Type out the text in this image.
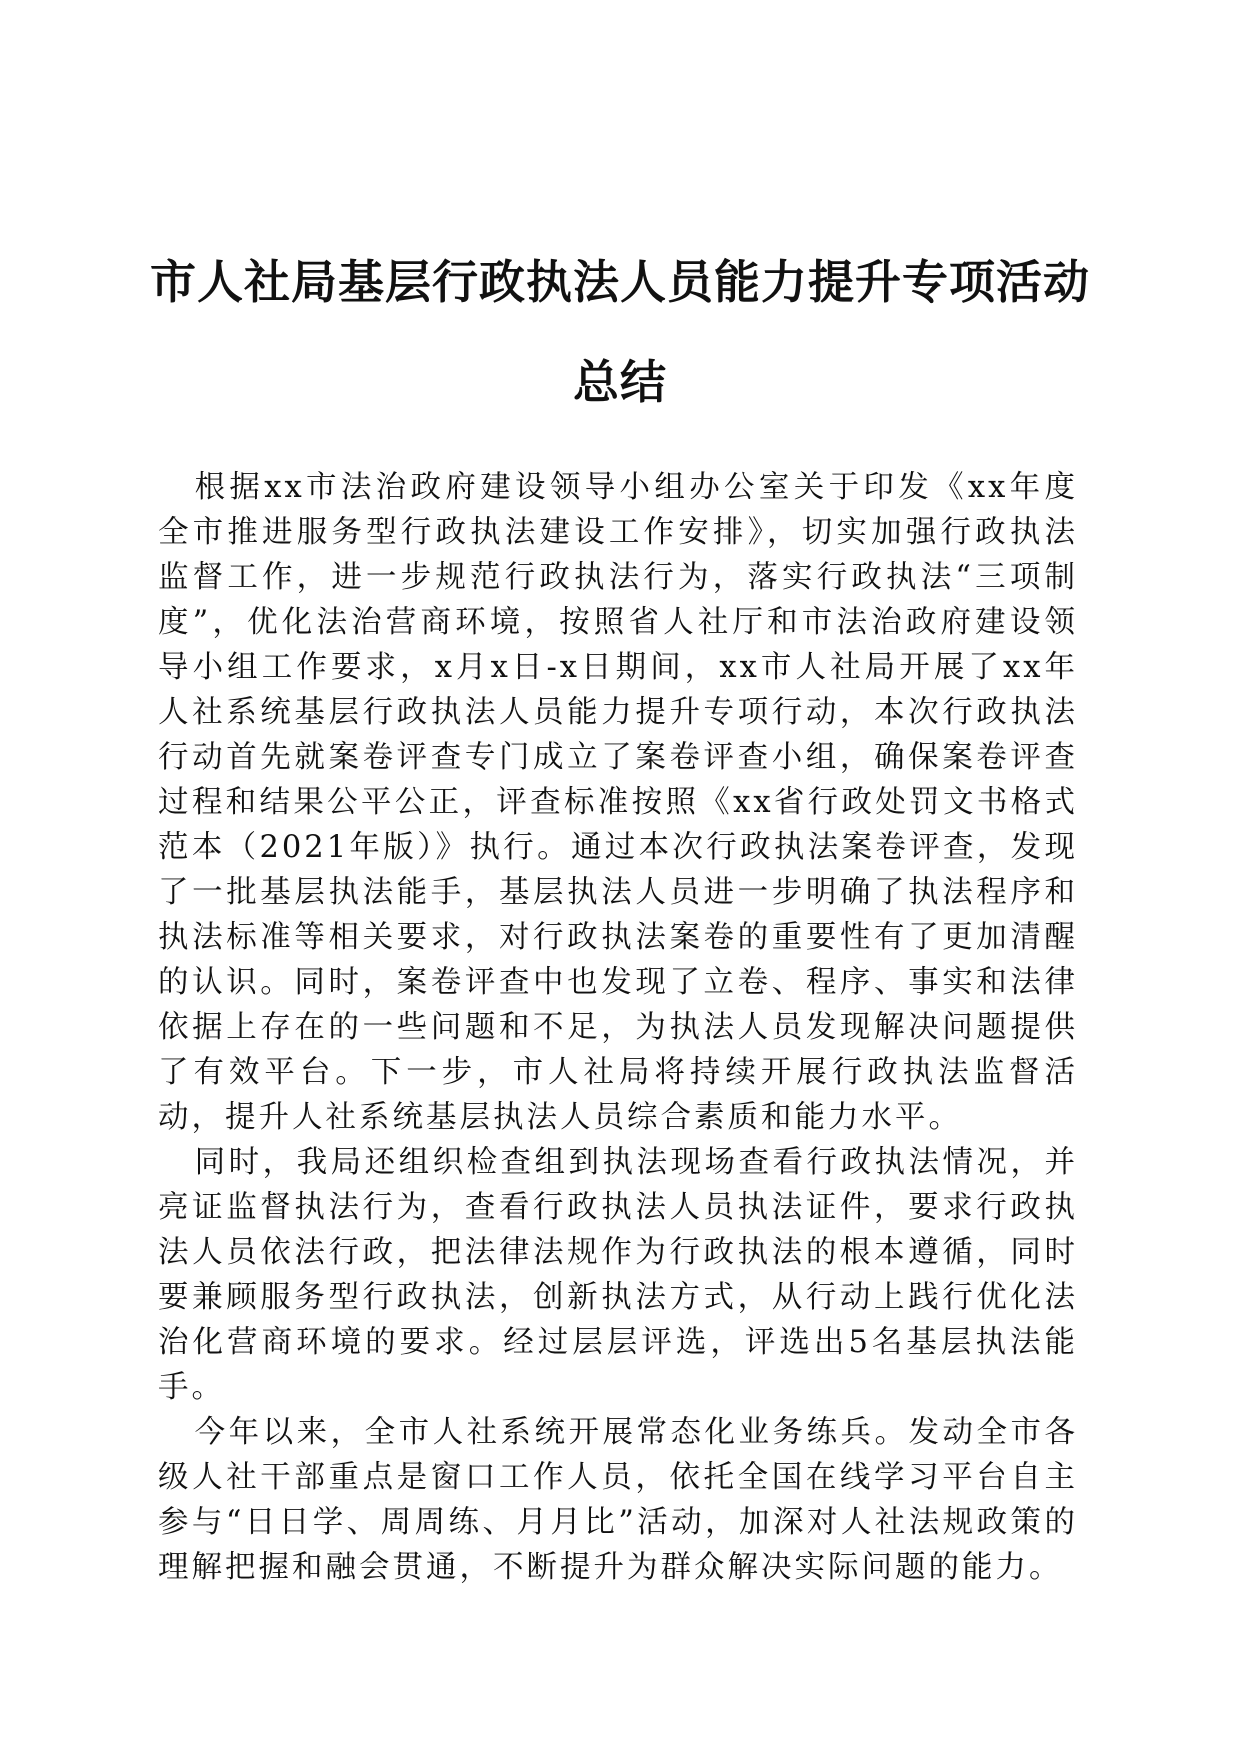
市人社局基层行政执法人员能力提升专项活动
总结

根据xx市法治政府建设领导小组办公室关于印发《xx年度全市推进服务型行政执法建设工作安排》，切实加强行政执法监督工作，进一步规范行政执法行为，落实行政执法“三项制度”，优化法治营商环境，按照省人社厅和市法治政府建设领导小组工作要求，x月x日-x日期间，xx市人社局开展了xx年人社系统基层行政执法人员能力提升专项行动，本次行政执法行动首先就案卷评查专门成立了案卷评查小组，确保案卷评查过程和结果公平公正，评查标准按照《xx省行政处罚文书格式范本（2021年版）》执行。通过本次行政执法案卷评查，发现了一批基层执法能手，基层执法人员进一步明确了执法程序和执法标准等相关要求，对行政执法案卷的重要性有了更加清醒的认识。同时，案卷评查中也发现了立卷、程序、事实和法律依据上存在的一些问题和不足，为执法人员发现解决问题提供了有效平台。下一步，市人社局将持续开展行政执法监督活动，提升人社系统基层执法人员综合素质和能力水平。

同时，我局还组织检查组到执法现场查看行政执法情况，并亮证监督执法行为，查看行政执法人员执法证件，要求行政执法人员依法行政，把法律法规作为行政执法的根本遵循，同时要兼顾服务型行政执法，创新执法方式，从行动上践行优化法治化营商环境的要求。经过层层评选，评选出5名基层执法能手。

今年以来，全市人社系统开展常态化业务练兵。发动全市各级人社干部重点是窗口工作人员，依托全国在线学习平台自主参与“日日学、周周练、月月比”活动，加深对人社法规政策的理解把握和融会贯通，不断提升为群众解决实际问题的能力。
